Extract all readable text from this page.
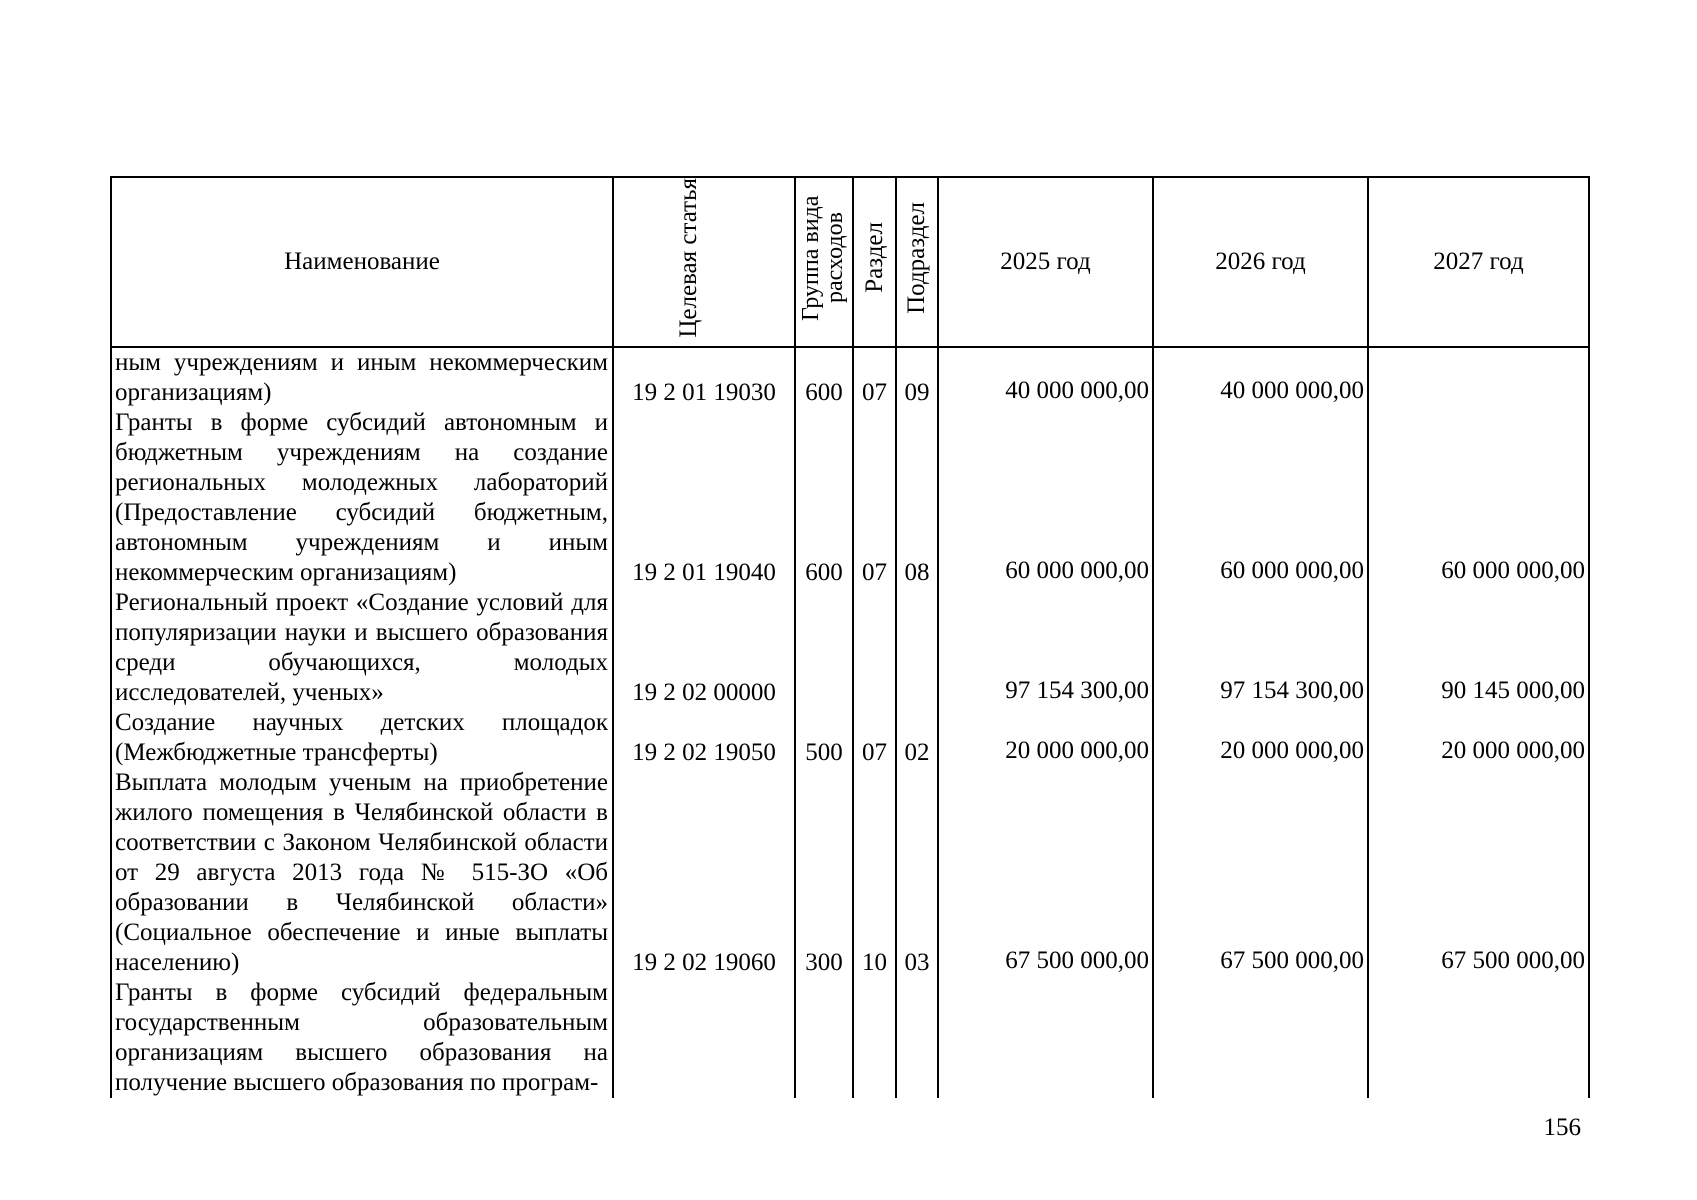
Наименование	Целевая статья	Группа вида расходов	Раздел	Подраздел	2025 год	2026 год	2027 год
ным учреждениям и иным некоммерческим организациям)	19 2 01 19030	600	07	09	40 000 000,00	40 000 000,00	
Гранты в форме субсидий автономным и бюджетным учреждениям на создание региональных молодежных лабораторий (Предоставление субсидий бюджетным, автономным учреждениям и иным некоммерческим организациям)	19 2 01 19040	600	07	08	60 000 000,00	60 000 000,00	60 000 000,00
Региональный проект «Создание условий для популяризации науки и высшего образования среди обучающихся, молодых исследователей, ученых»	19 2 02 00000				97 154 300,00	97 154 300,00	90 145 000,00
Создание научных детских площадок (Межбюджетные трансферты)	19 2 02 19050	500	07	02	20 000 000,00	20 000 000,00	20 000 000,00
Выплата молодым ученым на приобретение жилого помещения в Челябинской области в соответствии с Законом Челябинской области от 29 августа 2013 года № 515-ЗО «Об образовании в Челябинской области» (Социальное обеспечение и иные выплаты населению)	19 2 02 19060	300	10	03	67 500 000,00	67 500 000,00	67 500 000,00
Гранты в форме субсидий федеральным государственным образовательным организациям высшего образования на получение высшего образования по програм-							
156
